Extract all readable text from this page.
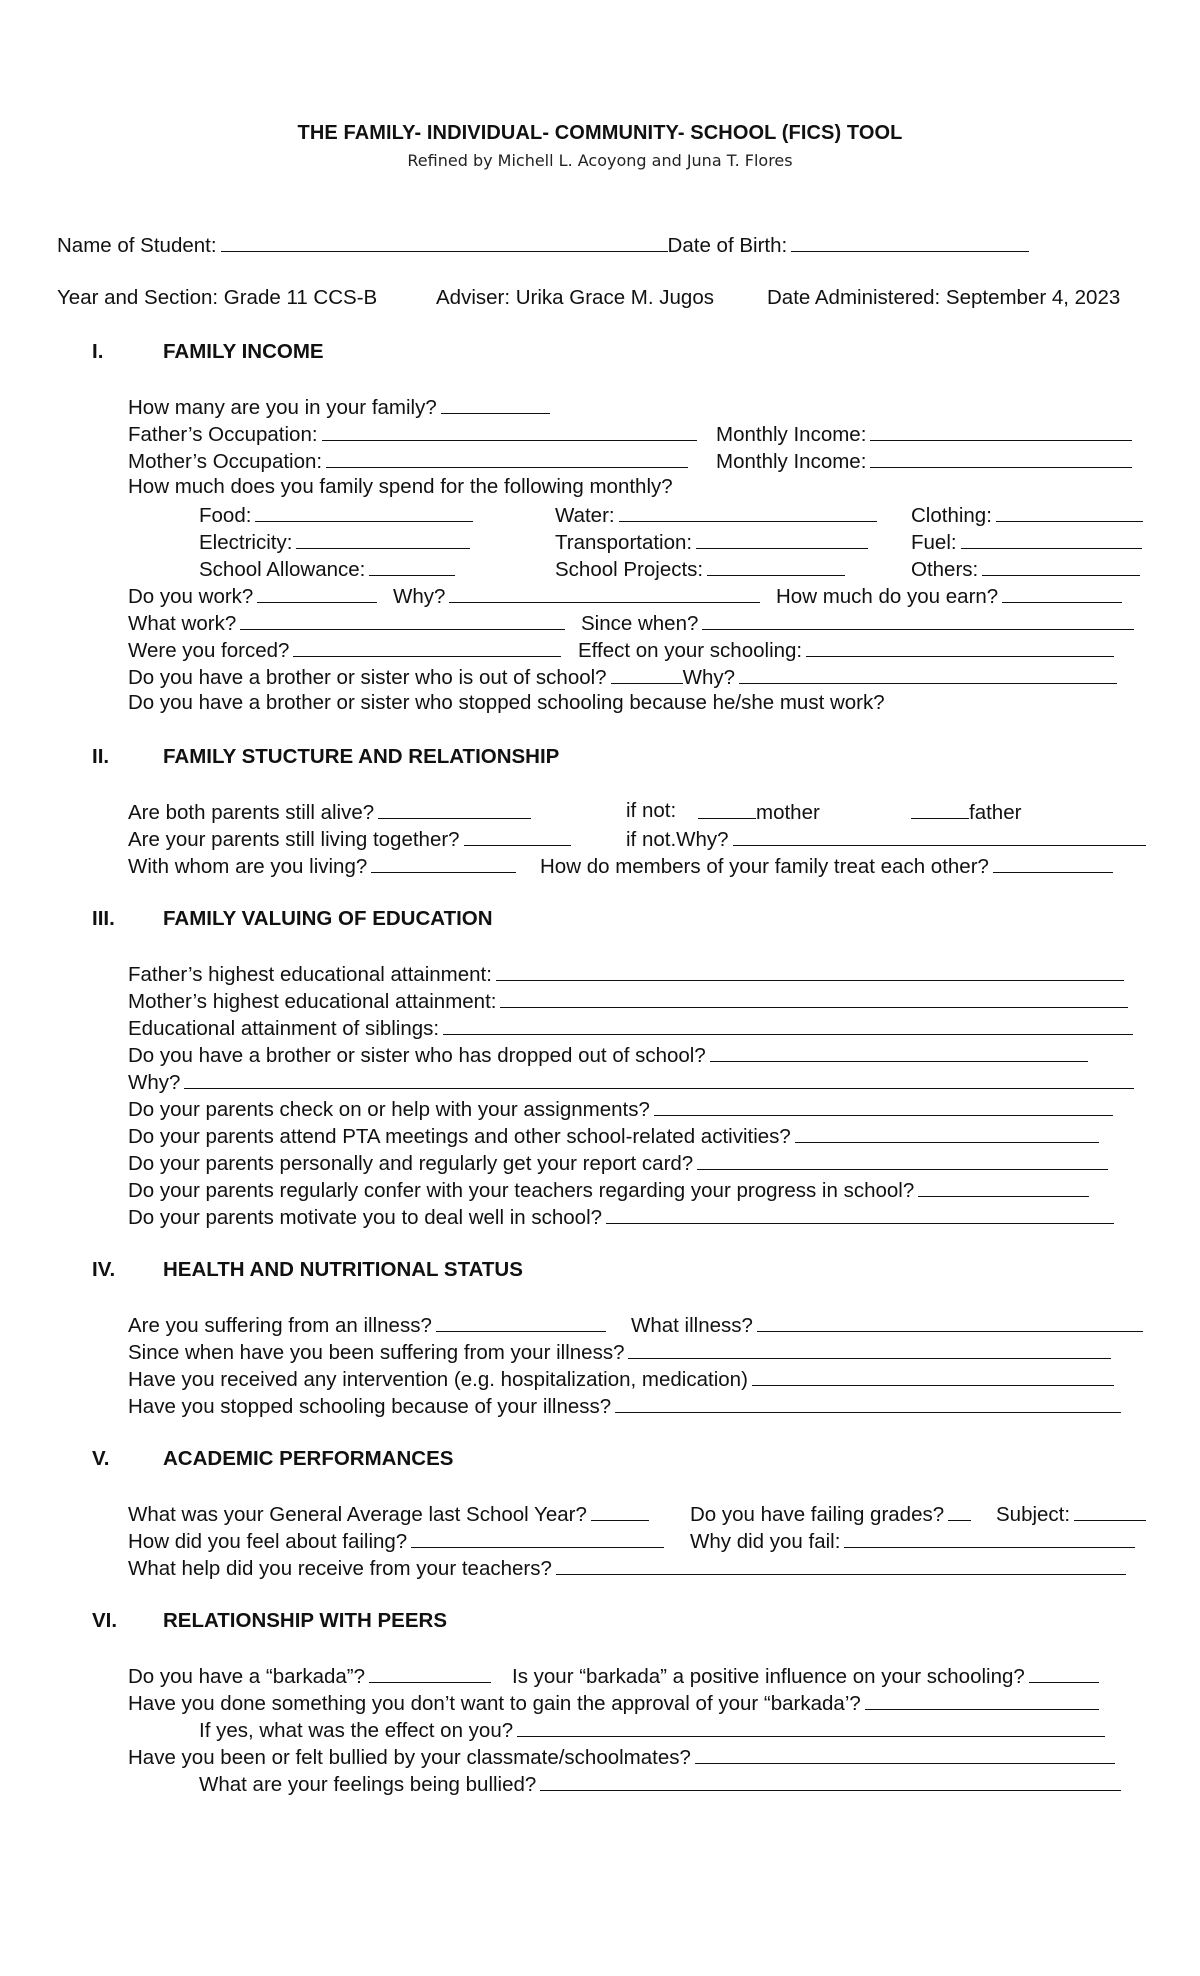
THE FAMILY- INDIVIDUAL- COMMUNITY- SCHOOL (FICS) TOOL
Refined by Michell L. Acoyong and Juna T. Flores
Name of Student:	Date of Birth:
Year and Section: Grade 11 CCS-B	Adviser: Urika Grace M. Jugos	Date Administered: September 4, 2023
I.	FAMILY INCOME
How many are you in your family?
Father’s Occupation:	Monthly Income:
Mother’s Occupation:	Monthly Income:
How much does you family spend for the following monthly?
Food:	Water:	Clothing:
Electricity:	Transportation:	Fuel:
School Allowance:	School Projects:	Others:
Do you work?	Why?	How much do you earn?
What work?	Since when?
Were you forced?	Effect on your schooling:
Do you have a brother or sister who is out of school?	Why?
Do you have a brother or sister who stopped schooling because he/she must work?
II.	FAMILY STUCTURE AND RELATIONSHIP
Are both parents still alive?	if not:	mother	father
Are your parents still living together?	if not.Why?
With whom are you living?	How do members of your family treat each other?
III. FAMILY VALUING OF EDUCATION
Father’s highest educational attainment:
Mother’s highest educational attainment:
Educational attainment of siblings:
Do you have a brother or sister who has dropped out of school?
Why?
Do your parents check on or help with your assignments?
Do your parents attend PTA meetings and other school-related activities?
Do your parents personally and regularly get your report card?
Do your parents regularly confer with your teachers regarding your progress in school?
Do your parents motivate you to deal well in school?
IV. HEALTH AND NUTRITIONAL STATUS
Are you suffering from an illness?	What illness?
Since when have you been suffering from your illness?
Have you received any intervention (e.g. hospitalization, medication)
Have you stopped schooling because of your illness?
V.	ACADEMIC PERFORMANCES
What was your General Average last School Year?	Do you have failing grades?	Subject:
How did you feel about failing?	Why did you fail:
What help did you receive from your teachers?
VI. RELATIONSHIP WITH PEERS
Do you have a “barkada”?	Is your “barkada” a positive influence on your schooling?
Have you done something you don’t want to gain the approval of your “barkada’?
If yes, what was the effect on you?
Have you been or felt bullied by your classmate/schoolmates?
What are your feelings being bullied?
